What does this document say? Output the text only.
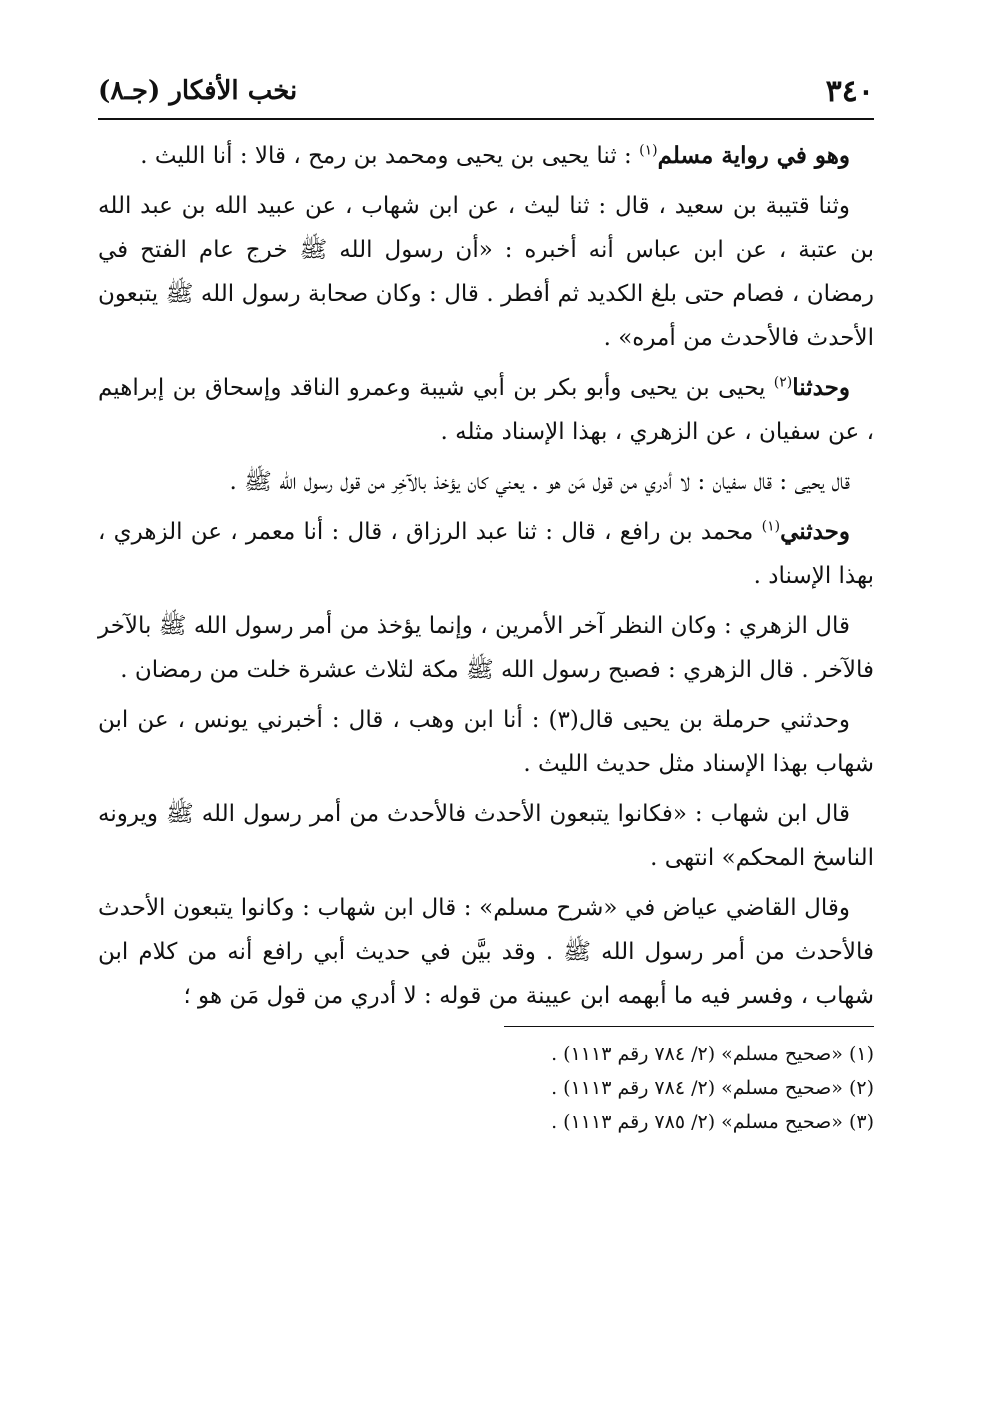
٣٤٠
نخب الأفكار (جـ٨)

وهو في رواية مسلم$^{(١)}$ : ثنا يحيى بن يحيى ومحمد بن رمح ، قالا : أنا الليث .

وثنا قتيبة بن سعيد ، قال : ثنا ليث ، عن ابن شهاب ، عن عبيد الله بن عبد الله بن عتبة ، عن ابن عباس أنه أخبره : «أن رسول الله ﷺ خرج عام الفتح في رمضان ، فصام حتى بلغ الكديد ثم أفطر . قال : وكان صحابة رسول الله ﷺ يتبعون الأحدث فالأحدث من أمره» .

وحدثنا$^{(٢)}$ يحيى بن يحيى وأبو بكر بن أبي شيبة وعمرو الناقد وإسحاق بن إبراهيم ، عن سفيان ، عن الزهري ، بهذا الإسناد مثله .

قال يحيى : قال سفيان : لا أدري من قول مَن هو . يعني كان يؤخذ بالآخِر من قول رسول الله ﷺ .

وحدثني$^{(١)}$ محمد بن رافع ، قال : ثنا عبد الرزاق ، قال : أنا معمر ، عن الزهري ، بهذا الإسناد .

قال الزهري : وكان النظر آخر الأمرين ، وإنما يؤخذ من أمر رسول الله ﷺ بالآخر فالآخر . قال الزهري : فصبح رسول الله ﷺ مكة لثلاث عشرة خلت من رمضان .

وحدثني حرملة بن يحيى قال(٣) : أنا ابن وهب ، قال : أخبرني يونس ، عن ابن شهاب بهذا الإسناد مثل حديث الليث .

قال ابن شهاب : «فكانوا يتبعون الأحدث فالأحدث من أمر رسول الله ﷺ ويرونه الناسخ المحكم» انتهى .

وقال القاضي عياض في «شرح مسلم» : قال ابن شهاب : وكانوا يتبعون الأحدث فالأحدث من أمر رسول الله ﷺ . وقد بيَّن في حديث أبي رافع أنه من كلام ابن شهاب ، وفسر فيه ما أبهمه ابن عيينة من قوله : لا أدري من قول مَن هو ؛

(١) «صحيح مسلم» (٢/ ٧٨٤ رقم ١١١٣) .

(٢) «صحيح مسلم» (٢/ ٧٨٤ رقم ١١١٣) .

(٣) «صحيح مسلم» (٢/ ٧٨٥ رقم ١١١٣) .
